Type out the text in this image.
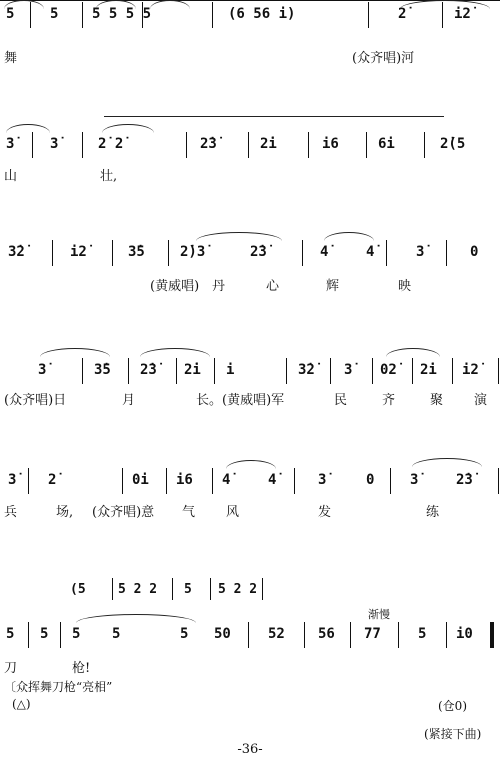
5	5 5 5 5 5	(6 56 i)	2̇	i2̇
舞	(众齐唱)河
3̇	3̇	2̇ 2̇	2̇3̇	2̇i	i6	6i	2̇(5
山	壮,
3̇2̇	i2̇	3̇5	2̇)3̇	2̇3̇	4̇	4̇	3̇	0
(黄威唱) 丹	心	辉	映
3̇	3̇5 2̇3̇ 2̇i i	3̇2̇ 3̇ 02̇ 2̇i i2̇
(众齐唱)日	月	长。(黄威唱)军	民	齐	聚 演
3̇ 2̇	0i i6 4̇	4̇	3̇	0	3̇	2̇3̇
兵	场, (众齐唱)意 气 风	发	练
(5 5 2 2 5 5 2 2
渐慢
5 5 5 5	5 50	52 56 77	5 i0
刀	枪!
〔众挥舞刀枪“亮相”
(△)	(仓0)
(紧接下曲)
-36-
